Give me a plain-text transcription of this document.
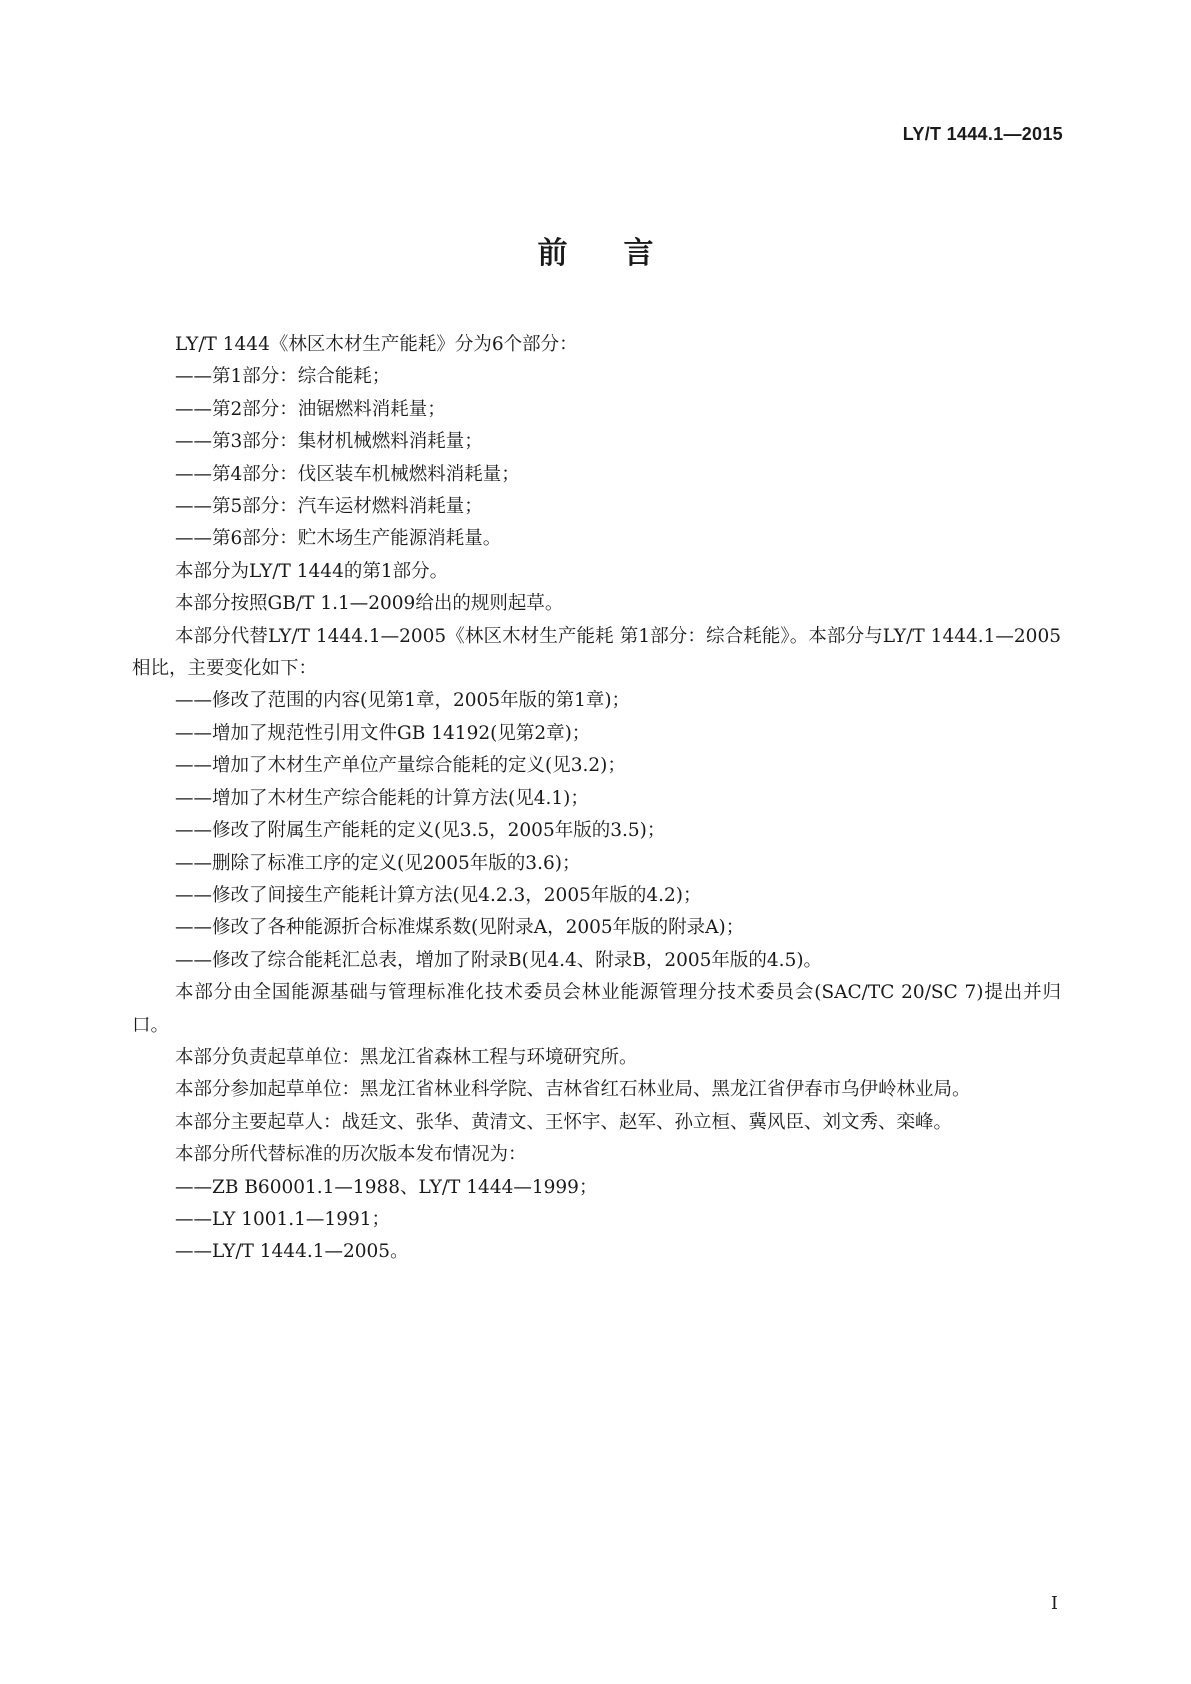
LY/T 1444.1—2015
前言

LY/T 1444《林区木材生产能耗》分为6个部分：

——第1部分：综合能耗；

——第2部分：油锯燃料消耗量；

——第3部分：集材机械燃料消耗量；

——第4部分：伐区装车机械燃料消耗量；

——第5部分：汽车运材燃料消耗量；

——第6部分：贮木场生产能源消耗量。

本部分为LY/T 1444的第1部分。

本部分按照GB/T 1.1—2009给出的规则起草。

本部分代替LY/T 1444.1—2005《林区木材生产能耗 第1部分：综合耗能》。本部分与LY/T 1444.1—2005相比，主要变化如下：

——修改了范围的内容(见第1章，2005年版的第1章)；

——增加了规范性引用文件GB 14192(见第2章)；

——增加了木材生产单位产量综合能耗的定义(见3.2)；

——增加了木材生产综合能耗的计算方法(见4.1)；

——修改了附属生产能耗的定义(见3.5，2005年版的3.5)；

——删除了标准工序的定义(见2005年版的3.6)；

——修改了间接生产能耗计算方法(见4.2.3，2005年版的4.2)；

——修改了各种能源折合标准煤系数(见附录A，2005年版的附录A)；

——修改了综合能耗汇总表，增加了附录B(见4.4、附录B，2005年版的4.5)。

本部分由全国能源基础与管理标准化技术委员会林业能源管理分技术委员会(SAC/TC 20/SC 7)提出并归口。

本部分负责起草单位：黑龙江省森林工程与环境研究所。

本部分参加起草单位：黑龙江省林业科学院、吉林省红石林业局、黑龙江省伊春市乌伊岭林业局。

本部分主要起草人：战廷文、张华、黄清文、王怀宇、赵军、孙立桓、冀风臣、刘文秀、栾峰。

本部分所代替标准的历次版本发布情况为：

——ZB B60001.1—1988、LY/T 1444—1999；

——LY 1001.1—1991；

——LY/T 1444.1—2005。

I
